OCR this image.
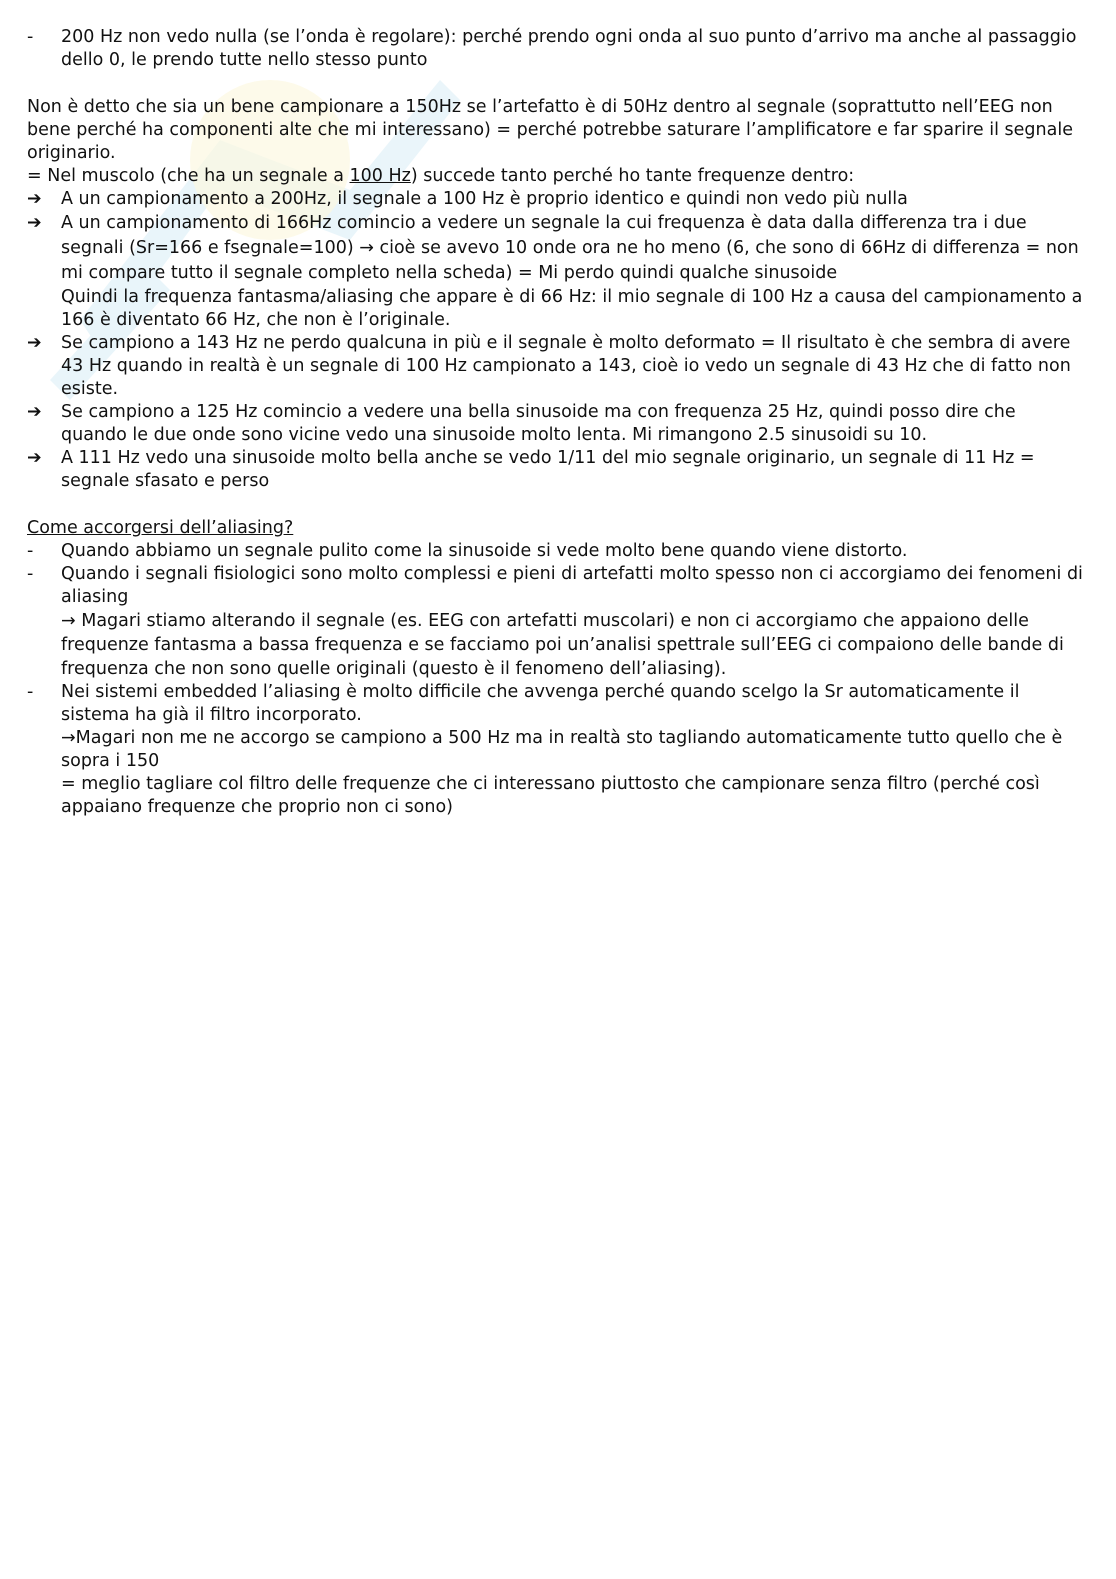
-	200 Hz non vedo nulla (se l’onda è regolare): perché prendo ogni onda al suo punto d’arrivo ma anche al passaggio dello 0, le prendo tutte nello stesso punto
Non è detto che sia un bene campionare a 150Hz se l’artefatto è di 50Hz dentro al segnale (soprattutto nell’EEG non bene perché ha componenti alte che mi interessano) = perché potrebbe saturare l’amplificatore e far sparire il segnale originario.
= Nel muscolo (che ha un segnale a 100 Hz) succede tanto perché ho tante frequenze dentro:
➔	A un campionamento a 200Hz, il segnale a 100 Hz è proprio identico e quindi non vedo più nulla
➔	A un campionamento di 166Hz comincio a vedere un segnale la cui frequenza è data dalla differenza tra i due segnali (Sr=166 e fsegnale=100) → cioè se avevo 10 onde ora ne ho meno (6, che sono di 66Hz di differenza = non mi compare tutto il segnale completo nella scheda) = Mi perdo quindi qualche sinusoide
Quindi la frequenza fantasma/aliasing che appare è di 66 Hz: il mio segnale di 100 Hz a causa del campionamento a 166 è diventato 66 Hz, che non è l’originale.
➔	Se campiono a 143 Hz ne perdo qualcuna in più e il segnale è molto deformato = Il risultato è che sembra di avere 43 Hz quando in realtà è un segnale di 100 Hz campionato a 143, cioè io vedo un segnale di 43 Hz che di fatto non esiste.
➔	Se campiono a 125 Hz comincio a vedere una bella sinusoide ma con frequenza 25 Hz, quindi posso dire che quando le due onde sono vicine vedo una sinusoide molto lenta. Mi rimangono 2.5 sinusoidi su 10.
➔	A 111 Hz vedo una sinusoide molto bella anche se vedo 1/11 del mio segnale originario, un segnale di 11 Hz = segnale sfasato e perso
Come accorgersi dell’aliasing?
-	Quando abbiamo un segnale pulito come la sinusoide si vede molto bene quando viene distorto.
-	Quando i segnali fisiologici sono molto complessi e pieni di artefatti molto spesso non ci accorgiamo dei fenomeni di aliasing
→ Magari stiamo alterando il segnale (es. EEG con artefatti muscolari) e non ci accorgiamo che appaiono delle frequenze fantasma a bassa frequenza e se facciamo poi un’analisi spettrale sull’EEG ci compaiono delle bande di frequenza che non sono quelle originali (questo è il fenomeno dell’aliasing).
-	Nei sistemi embedded l’aliasing è molto difficile che avvenga perché quando scelgo la Sr automaticamente il sistema ha già il filtro incorporato.
→Magari non me ne accorgo se campiono a 500 Hz ma in realtà sto tagliando automaticamente tutto quello che è sopra i 150
= meglio tagliare col filtro delle frequenze che ci interessano piuttosto che campionare senza filtro (perché così appaiano frequenze che proprio non ci sono)
